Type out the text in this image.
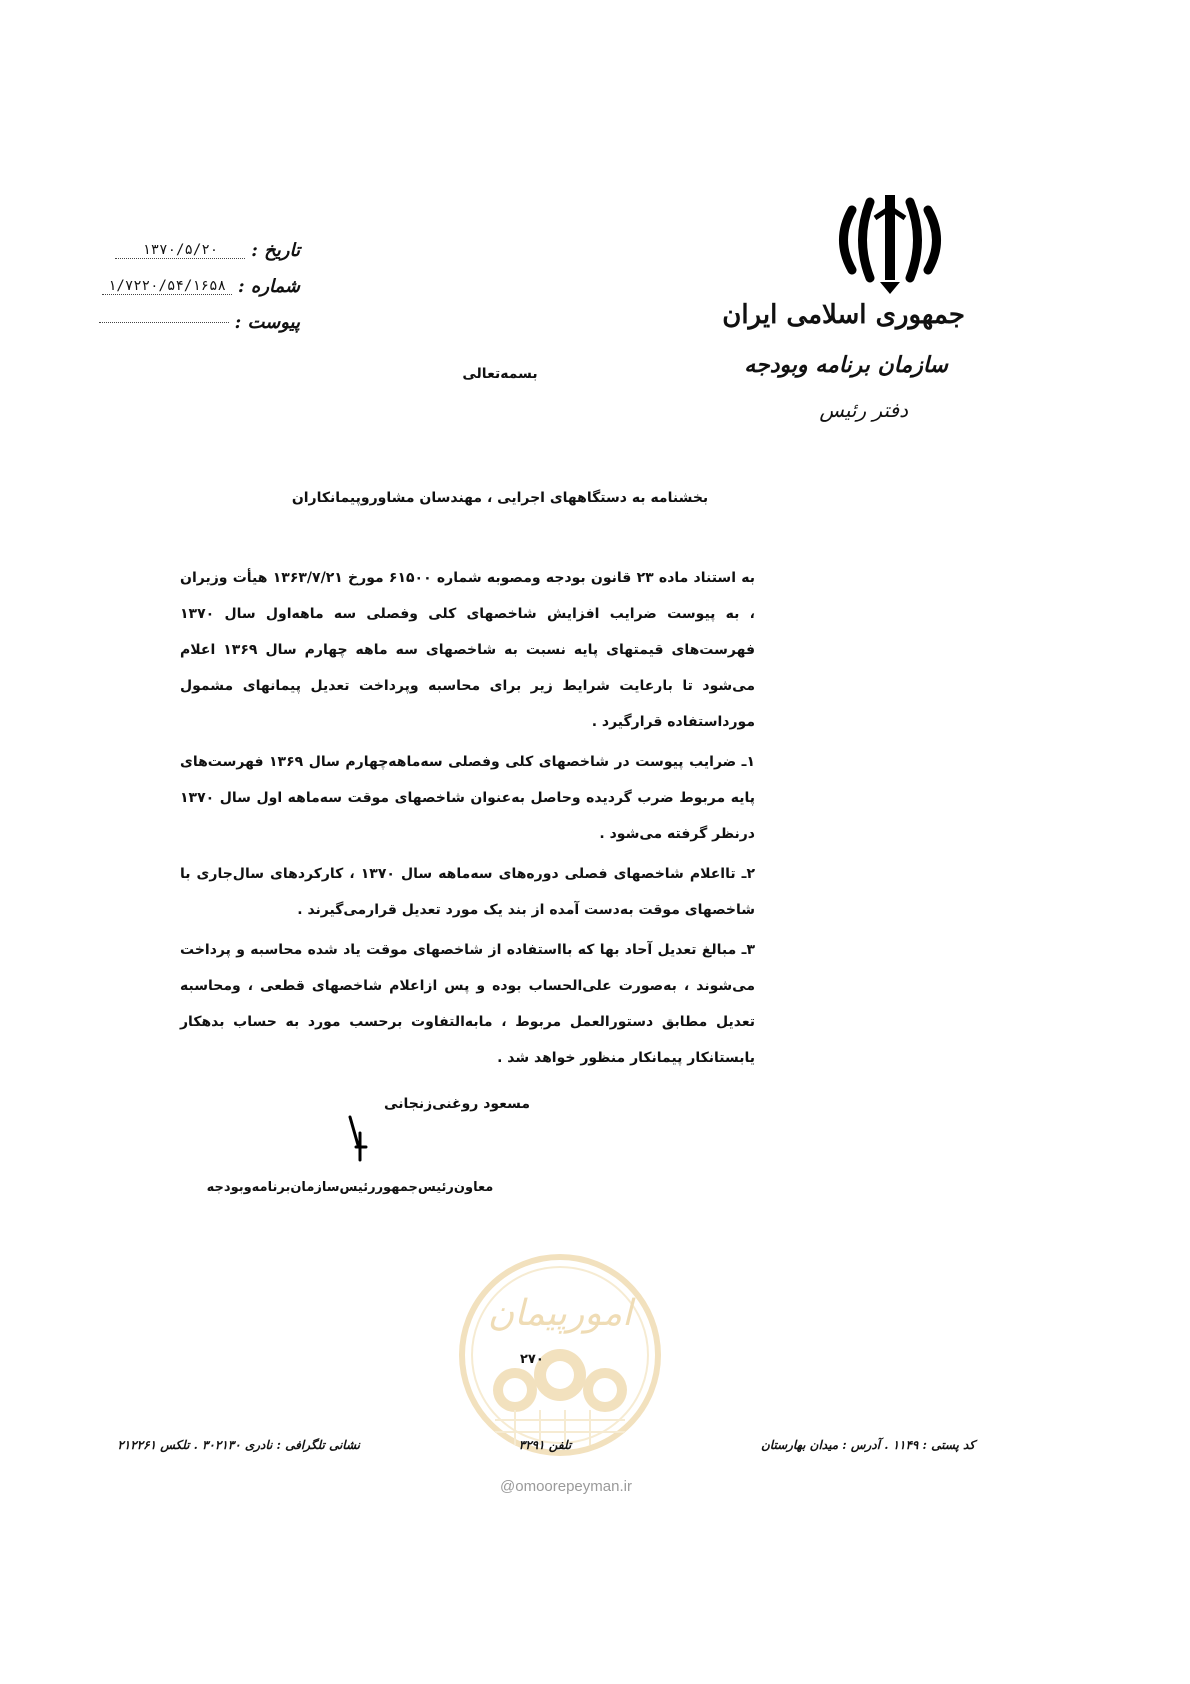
جمهوری اسلامی ایران
سازمان برنامه وبودجه
دفتر رئیس
تاریخ :
۱۳۷۰/۵/۲۰
شماره :
۱/۷۲۲۰/۵۴/۱۶۵۸
پیوست :
بسمه‌تعالی
بخشنامه به دستگاههای اجرایی ، مهندسان مشاوروپیمانکاران

به استناد ماده ۲۳ قانون بودجه ومصوبه شماره ۶۱۵۰۰ مورخ ۱۳۶۳/۷/۲۱ هیأت وزیران ، به پیوست ضرایب افزایش شاخصهای کلی وفصلی سه ماهه‌اول سال ۱۳۷۰ فهرست‌های قیمتهای پایه نسبت به شاخصهای سه ماهه چهارم سال ۱۳۶۹ اعلام می‌شود تا بارعایت شرایط زیر برای محاسبه وپرداخت تعدیل پیمانهای مشمول مورداستفاده قرارگیرد .

۱ـ ضرایب پیوست در شاخصهای کلی وفصلی سه‌ماهه‌چهارم سال ۱۳۶۹ فهرست‌های پایه مربوط ضرب گردیده وحاصل به‌عنوان شاخصهای موقت سه‌ماهه اول سال ۱۳۷۰ درنظر گرفته می‌شود .

۲ـ تااعلام شاخصهای فصلی دوره‌های سه‌ماهه سال ۱۳۷۰ ، کارکردهای سال‌جاری با شاخصهای موقت به‌دست آمده از بند یک مورد تعدیل قرارمی‌گیرند .

۳ـ مبالغ تعدیل آحاد بها که بااستفاده از شاخصهای موقت یاد شده محاسبه و پرداخت می‌شوند ، به‌صورت علی‌الحساب بوده و پس ازاعلام شاخصهای قطعی ، ومحاسبه تعدیل مطابق دستورالعمل مربوط ، مابه‌التفاوت برحسب مورد به حساب بدهکار یابستانکار پیمانکار منظور خواهد شد .

مسعود روغنی‌زنجانی
معاون‌رئیس‌جمهوررئیس‌سازمان‌برنامه‌وبودجه
امورپیمان
۲۷۰
@omoorepeyman.ir
کد پستی : ۱۱۴۹ . آدرس : میدان بهارستان
تلفن ۳۲۹۱
نشانی تلگرافی : نادری ۳۰۲۱۳۰ . تلکس ۲۱۲۲۶۱
